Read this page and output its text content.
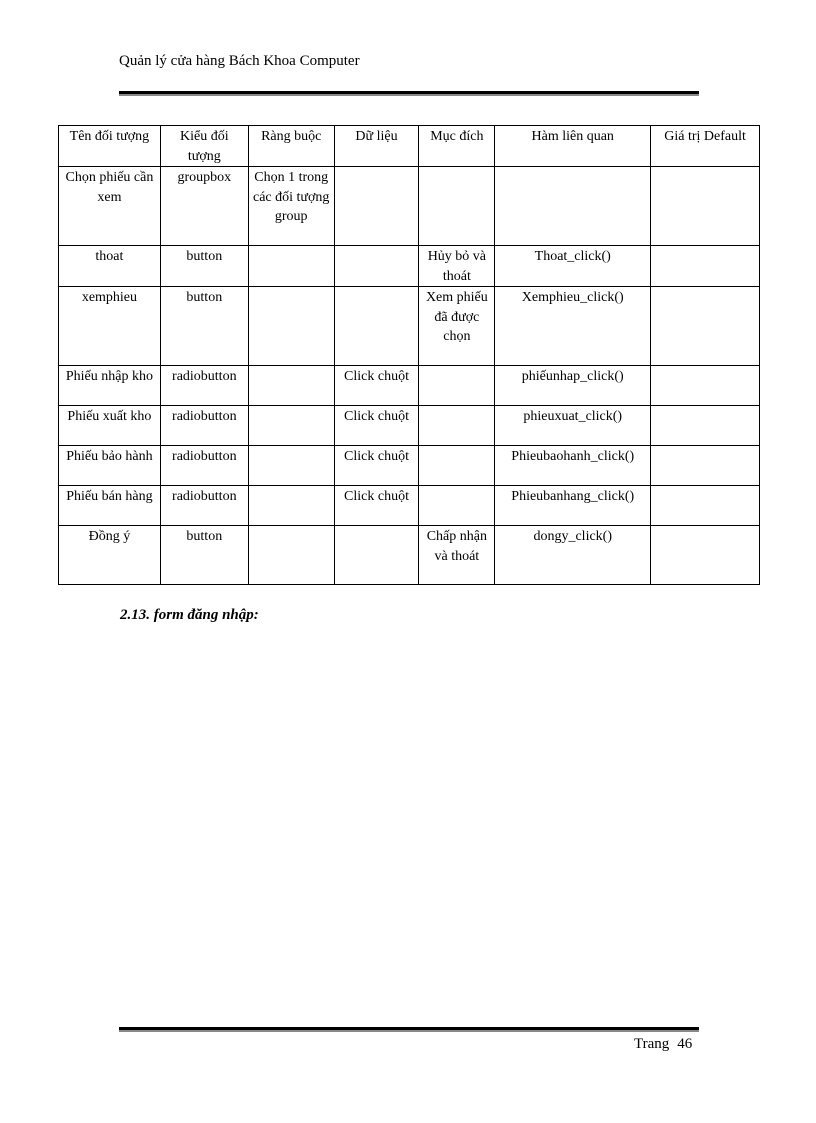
Quản lý cửa hàng Bách Khoa Computer
Tên đối tượng	Kiểu đối tượng	Ràng buộc	Dữ liệu	Mục đích	Hàm liên quan	Giá trị Default
Chọn phiếu cần xem	groupbox	Chọn 1 trong các đối tượng group				
thoat	button			Hủy bỏ và thoát	Thoat_click()	
xemphieu	button			Xem phiếu đã được chọn	Xemphieu_click()	
Phiếu nhập kho	radiobutton		Click chuột		phiếunhap_click()	
Phiếu xuất kho	radiobutton		Click chuột		phieuxuat_click()	
Phiếu bảo hành	radiobutton		Click chuột		Phieubaohanh_click()	
Phiếu bán hàng	radiobutton		Click chuột		Phieubanhang_click()	
Đồng ý	button			Chấp nhận và thoát	dongy_click()	
2.13. form đăng nhập:
Trang 46
